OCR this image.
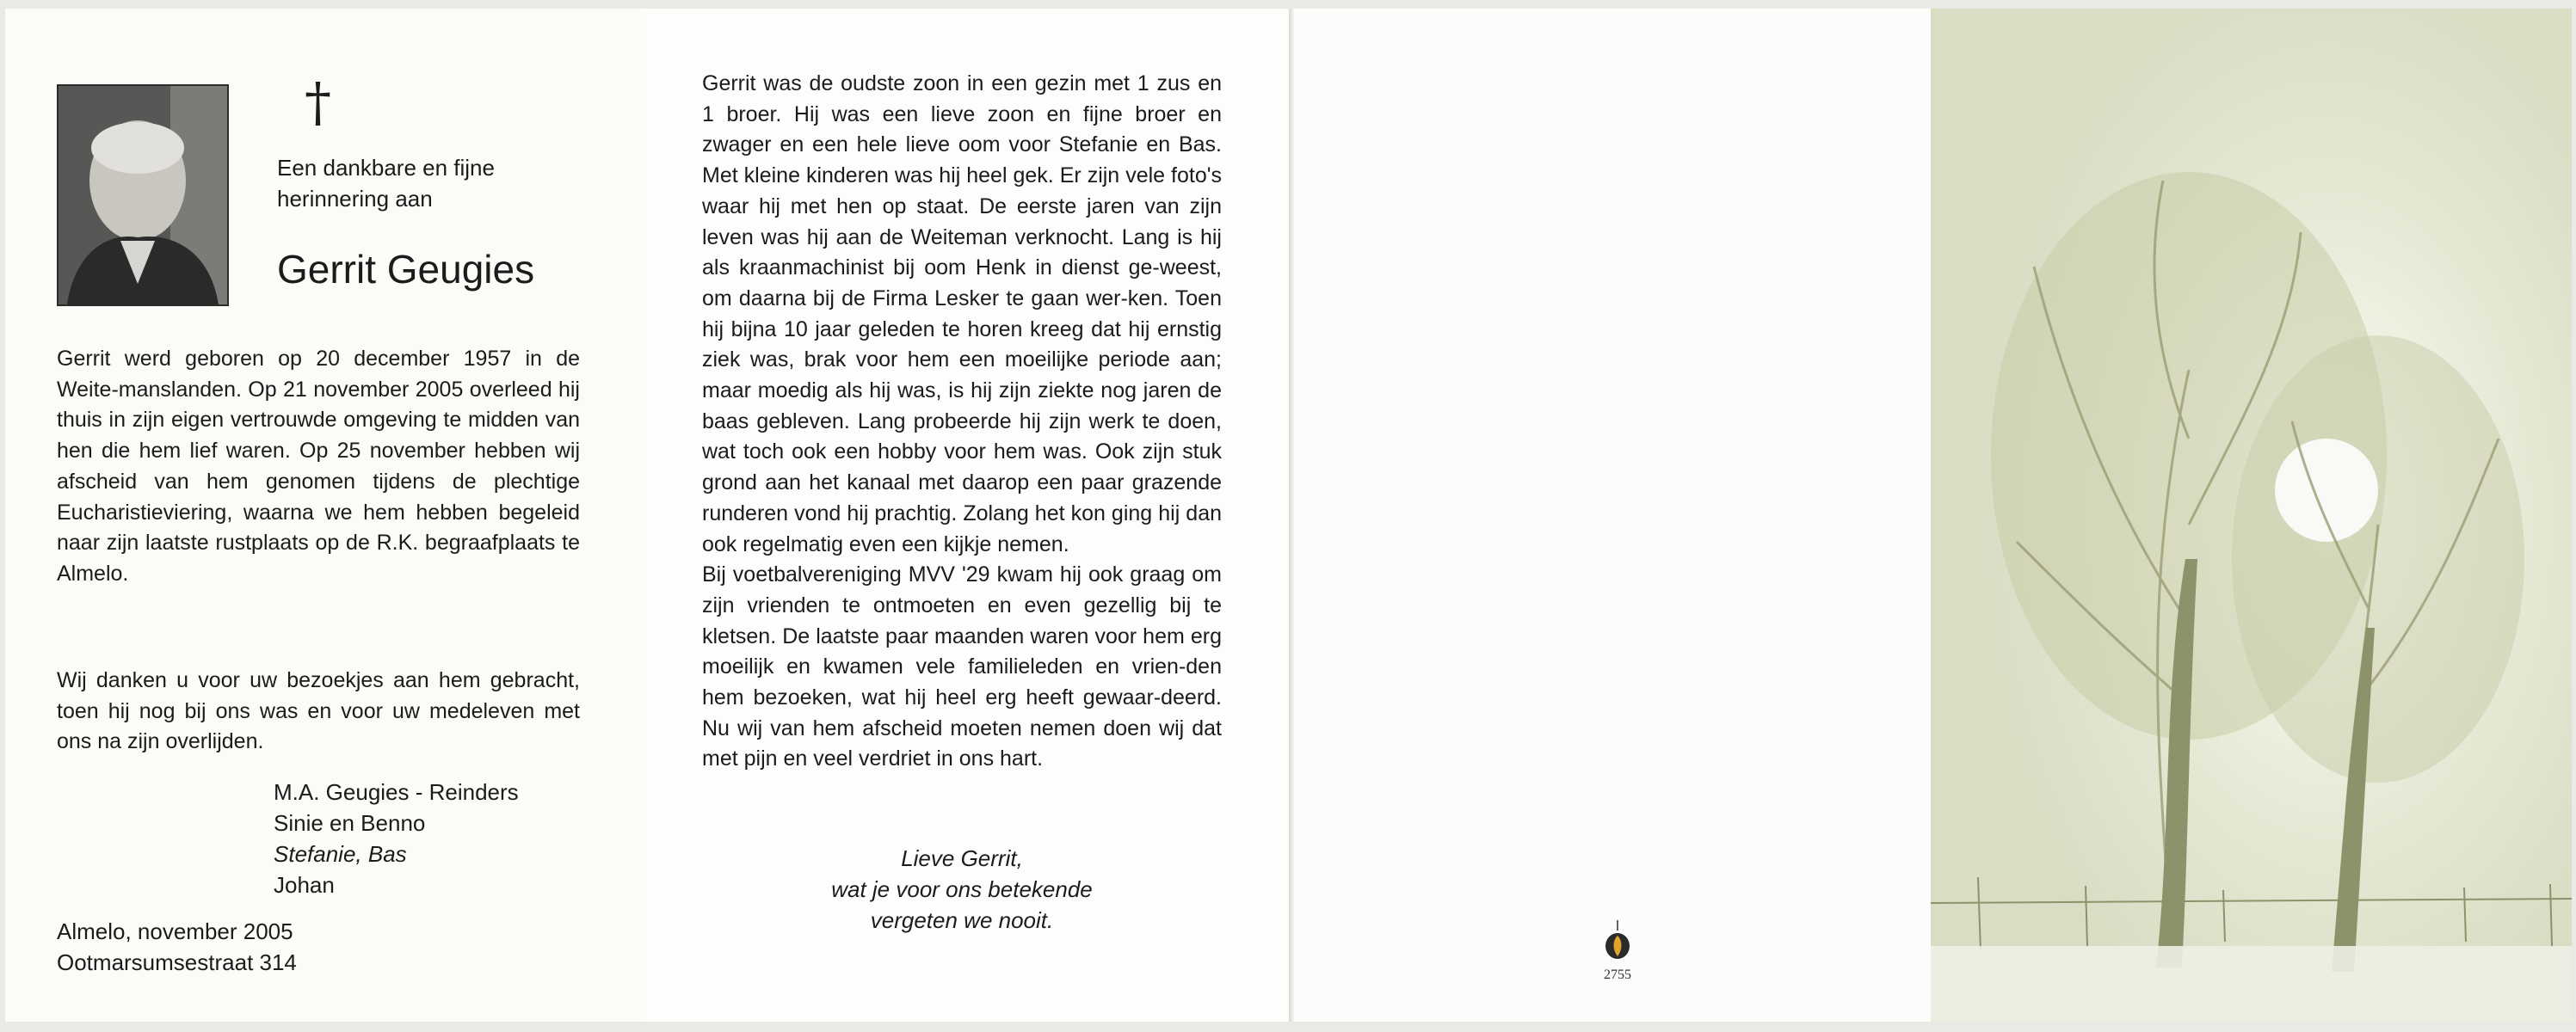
†
Een dankbare en fijne herinnering aan
Gerrit Geugies
Gerrit werd geboren op 20 december 1957 in de Weite-manslanden. Op 21 november 2005 overleed hij thuis in zijn eigen vertrouwde omgeving te midden van hen die hem lief waren. Op 25 november hebben wij afscheid van hem genomen tijdens de plechtige Eucharistieviering, waarna we hem hebben begeleid naar zijn laatste rustplaats op de R.K. begraafplaats te Almelo.
Wij danken u voor uw bezoekjes aan hem gebracht, toen hij nog bij ons was en voor uw medeleven met ons na zijn overlijden.
M.A. Geugies - Reinders
Sinie en Benno
Stefanie, Bas
Johan
Almelo, november 2005
Ootmarsumsestraat 314

Gerrit was de oudste zoon in een gezin met 1 zus en 1 broer. Hij was een lieve zoon en fijne broer en zwager en een hele lieve oom voor Stefanie en Bas. Met kleine kinderen was hij heel gek. Er zijn vele foto's waar hij met hen op staat. De eerste jaren van zijn leven was hij aan de Weiteman verknocht. Lang is hij als kraanmachinist bij oom Henk in dienst ge-weest, om daarna bij de Firma Lesker te gaan wer-ken. Toen hij bijna 10 jaar geleden te horen kreeg dat hij ernstig ziek was, brak voor hem een moeilijke periode aan; maar moedig als hij was, is hij zijn ziekte nog jaren de baas gebleven. Lang probeerde hij zijn werk te doen, wat toch ook een hobby voor hem was. Ook zijn stuk grond aan het kanaal met daarop een paar grazende runderen vond hij prachtig. Zolang het kon ging hij dan ook regelmatig even een kijkje nemen.

Bij voetbalvereniging MVV '29 kwam hij ook graag om zijn vrienden te ontmoeten en even gezellig bij te kletsen. De laatste paar maanden waren voor hem erg moeilijk en kwamen vele familieleden en vrien-den hem bezoeken, wat hij heel erg heeft gewaar-deerd. Nu wij van hem afscheid moeten nemen doen wij dat met pijn en veel verdriet in ons hart.

Lieve Gerrit,
wat je voor ons betekende
vergeten we nooit.
2755
